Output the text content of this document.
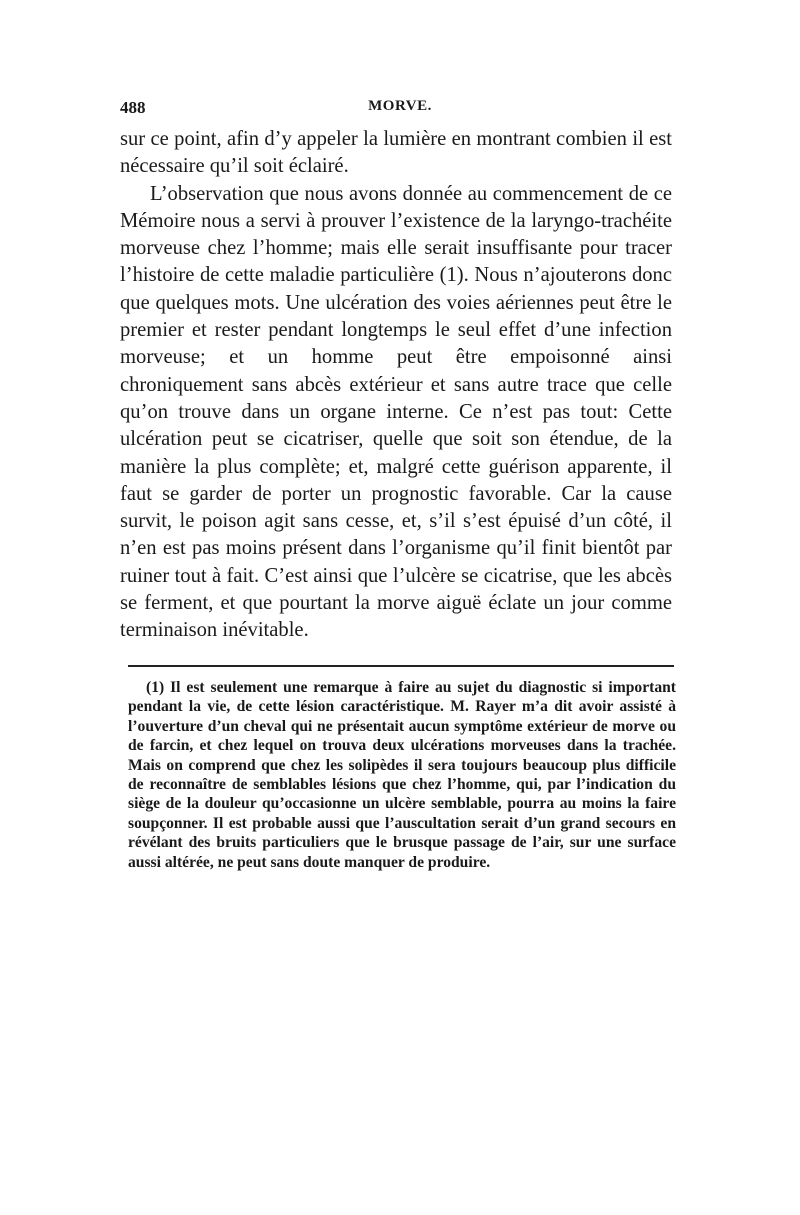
488	MORVE.

sur ce point, afin d’y appeler la lumière en montrant combien il est nécessaire qu’il soit éclairé.

L’observation que nous avons donnée au commencement de ce Mémoire nous a servi à prouver l’existence de la laryngo-trachéite morveuse chez l’homme; mais elle serait insuffisante pour tracer l’histoire de cette maladie particulière (1). Nous n’ajouterons donc que quelques mots. Une ulcération des voies aériennes peut être le premier et rester pendant longtemps le seul effet d’une infection morveuse; et un homme peut être empoisonné ainsi chroniquement sans abcès extérieur et sans autre trace que celle qu’on trouve dans un organe interne. Ce n’est pas tout: Cette ulcération peut se cicatriser, quelle que soit son étendue, de la manière la plus complète; et, malgré cette guérison apparente, il faut se garder de porter un prognostic favorable. Car la cause survit, le poison agit sans cesse, et, s’il s’est épuisé d’un côté, il n’en est pas moins présent dans l’organisme qu’il finit bientôt par ruiner tout à fait. C’est ainsi que l’ulcère se cicatrise, que les abcès se ferment, et que pourtant la morve aiguë éclate un jour comme terminaison inévitable.

(1) Il est seulement une remarque à faire au sujet du diagnostic si important pendant la vie, de cette lésion caractéristique. M. Rayer m’a dit avoir assisté à l’ouverture d’un cheval qui ne présentait aucun symptôme extérieur de morve ou de farcin, et chez lequel on trouva deux ulcérations morveuses dans la trachée. Mais on comprend que chez les solipèdes il sera toujours beaucoup plus difficile de reconnaître de semblables lésions que chez l’homme, qui, par l’indication du siège de la douleur qu’occasionne un ulcère semblable, pourra au moins la faire soupçonner. Il est probable aussi que l’auscultation serait d’un grand secours en révélant des bruits particuliers que le brusque passage de l’air, sur une surface aussi altérée, ne peut sans doute manquer de produire.
